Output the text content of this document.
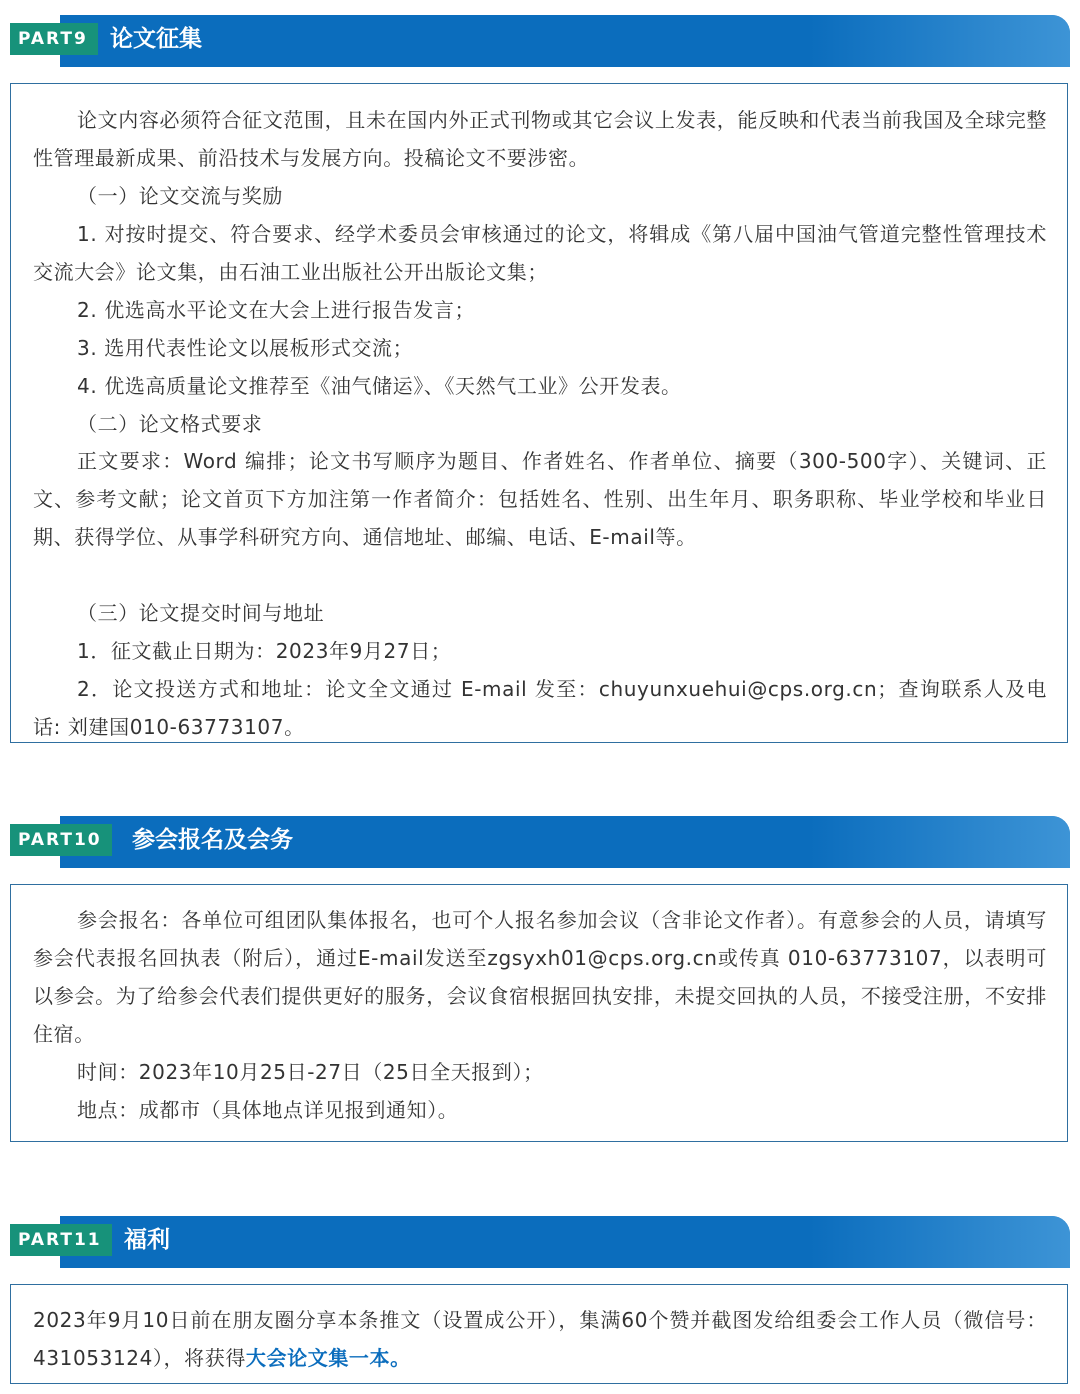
PART9 论文征集

论文内容必须符合征文范围，且未在国内外正式刊物或其它会议上发表，能反映和代表当前我国及全球完整性管理最新成果、前沿技术与发展方向。投稿论文不要涉密。

（一）论文交流与奖励

1. 对按时提交、符合要求、经学术委员会审核通过的论文，将辑成《第八届中国油气管道完整性管理技术交流大会》论文集，由石油工业出版社公开出版论文集；

2. 优选高水平论文在大会上进行报告发言；

3. 选用代表性论文以展板形式交流；

4. 优选高质量论文推荐至《油气储运》、《天然气工业》公开发表。

（二）论文格式要求

正文要求：Word 编排；论文书写顺序为题目、作者姓名、作者单位、摘要（300-500字）、关键词、正文、参考文献；论文首页下方加注第一作者简介：包括姓名、性别、出生年月、职务职称、毕业学校和毕业日期、获得学位、从事学科研究方向、通信地址、邮编、电话、E-mail等。

（三）论文提交时间与地址

1．征文截止日期为：2023年9月27日；

2．论文投送方式和地址：论文全文通过 E-mail 发至：chuyunxuehui@cps.org.cn；查询联系人及电话: 刘建国010-63773107。

PART10	参会报名及会务

参会报名：各单位可组团队集体报名，也可个人报名参加会议（含非论文作者）。有意参会的人员，请填写参会代表报名回执表（附后），通过E-mail发送至zgsyxh01@cps.org.cn或传真 010-63773107，以表明可以参会。为了给参会代表们提供更好的服务，会议食宿根据回执安排，未提交回执的人员，不接受注册，不安排住宿。

时间：2023年10月25日-27日（25日全天报到）；

地点：成都市（具体地点详见报到通知）。

PART11 福利

2023年9月10日前在朋友圈分享本条推文（设置成公开），集满60个赞并截图发给组委会工作人员（微信号：431053124），将获得大会论文集一本。
